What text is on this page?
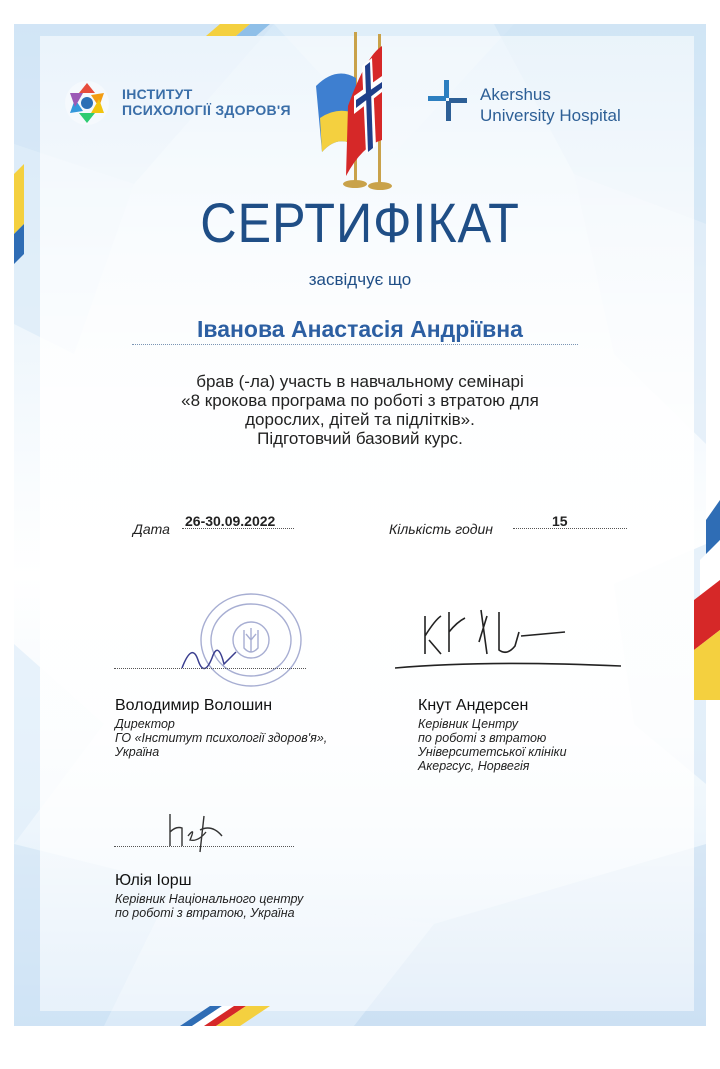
ІНСТИТУТ
ПСИХОЛОГІЇ ЗДОРОВ'Я
Akershus
University Hospital
СЕРТИФІКАТ
засвідчує що
Іванова Анастасія Андріївна
брав (-ла) участь в навчальному семінарі
«8 крокова програма по роботі з втратою для
дорослих, дітей та підлітків».
Підготовчий базовий курс.
Дата 26-30.09.2022	Кількість годин	15
Володимир Волошин
Директор
ГО «Інститут психології здоров'я»,
Україна
Кнут Андерсен
Керівник Центру
по роботі з втратою
Університетської клініки
Акергсус, Норвегія
Юлія Іорш
Керівник Національного центру
по роботі з втратою, Україна
